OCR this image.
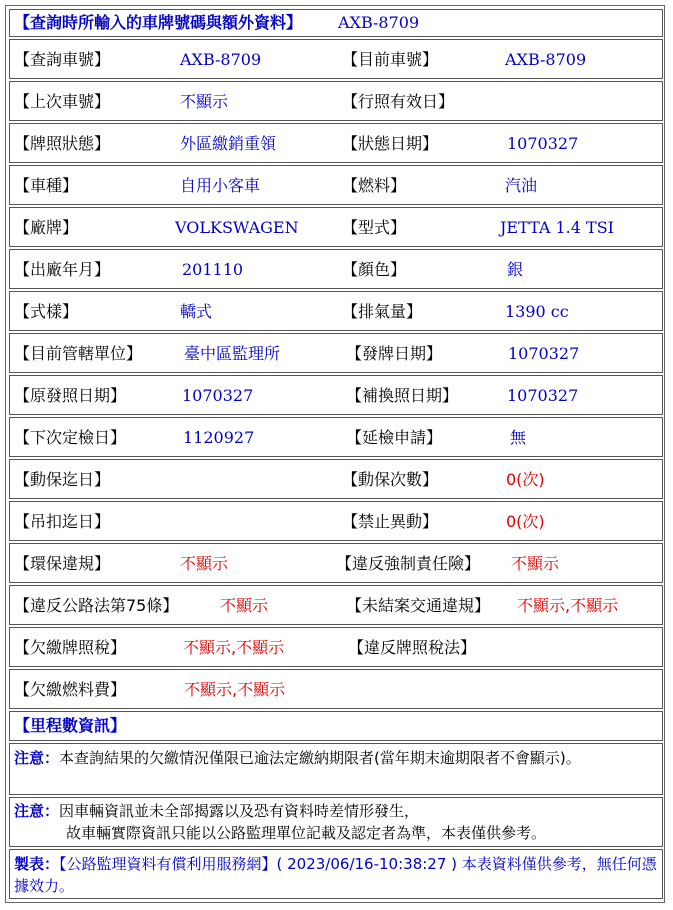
【查詢時所輸入的車牌號碼與額外資料】 AXB-8709
【查詢車號】	AXB-8709	【目前車號】	AXB-8709
【上次車號】	不顯示	【行照有效日】
【牌照狀態】	外區繳銷重領	【狀態日期】	1070327
【車種】	自用小客車	【燃料】	汽油
【廠牌】	VOLKSWAGEN	【型式】	JETTA 1.4 TSI
【出廠年月】	201110	【顏色】	銀
【式樣】	轎式	【排氣量】	1390 cc
【目前管轄單位】	臺中區監理所	【發牌日期】	1070327
【原發照日期】	1070327	【補換照日期】	1070327
【下次定檢日】	1120927	【延檢申請】	無
【動保迄日】	【動保次數】	0(次)
【吊扣迄日】	【禁止異動】	0(次)
【環保違規】	不顯示	【違反強制責任險】 不顯示
【違反公路法第75條】	不顯示	【未結案交通違規】 不顯示,不顯示
【欠繳牌照稅】	不顯示,不顯示	【違反牌照稅法】
【欠繳燃料費】	不顯示,不顯示
【里程數資訊】
注意：本查詢結果的欠繳情況僅限已逾法定繳納期限者(當年期末逾期限者不會顯示)。
注意：因車輛資訊並未全部揭露以及恐有資料時差情形發生，
故車輛實際資訊只能以公路監理單位記載及認定者為準，本表僅供參考。
製表：【公路監理資料有償利用服務網】( 2023/06/16-10:38:27 ) 本表資料僅供參考，無任何憑據效力。
